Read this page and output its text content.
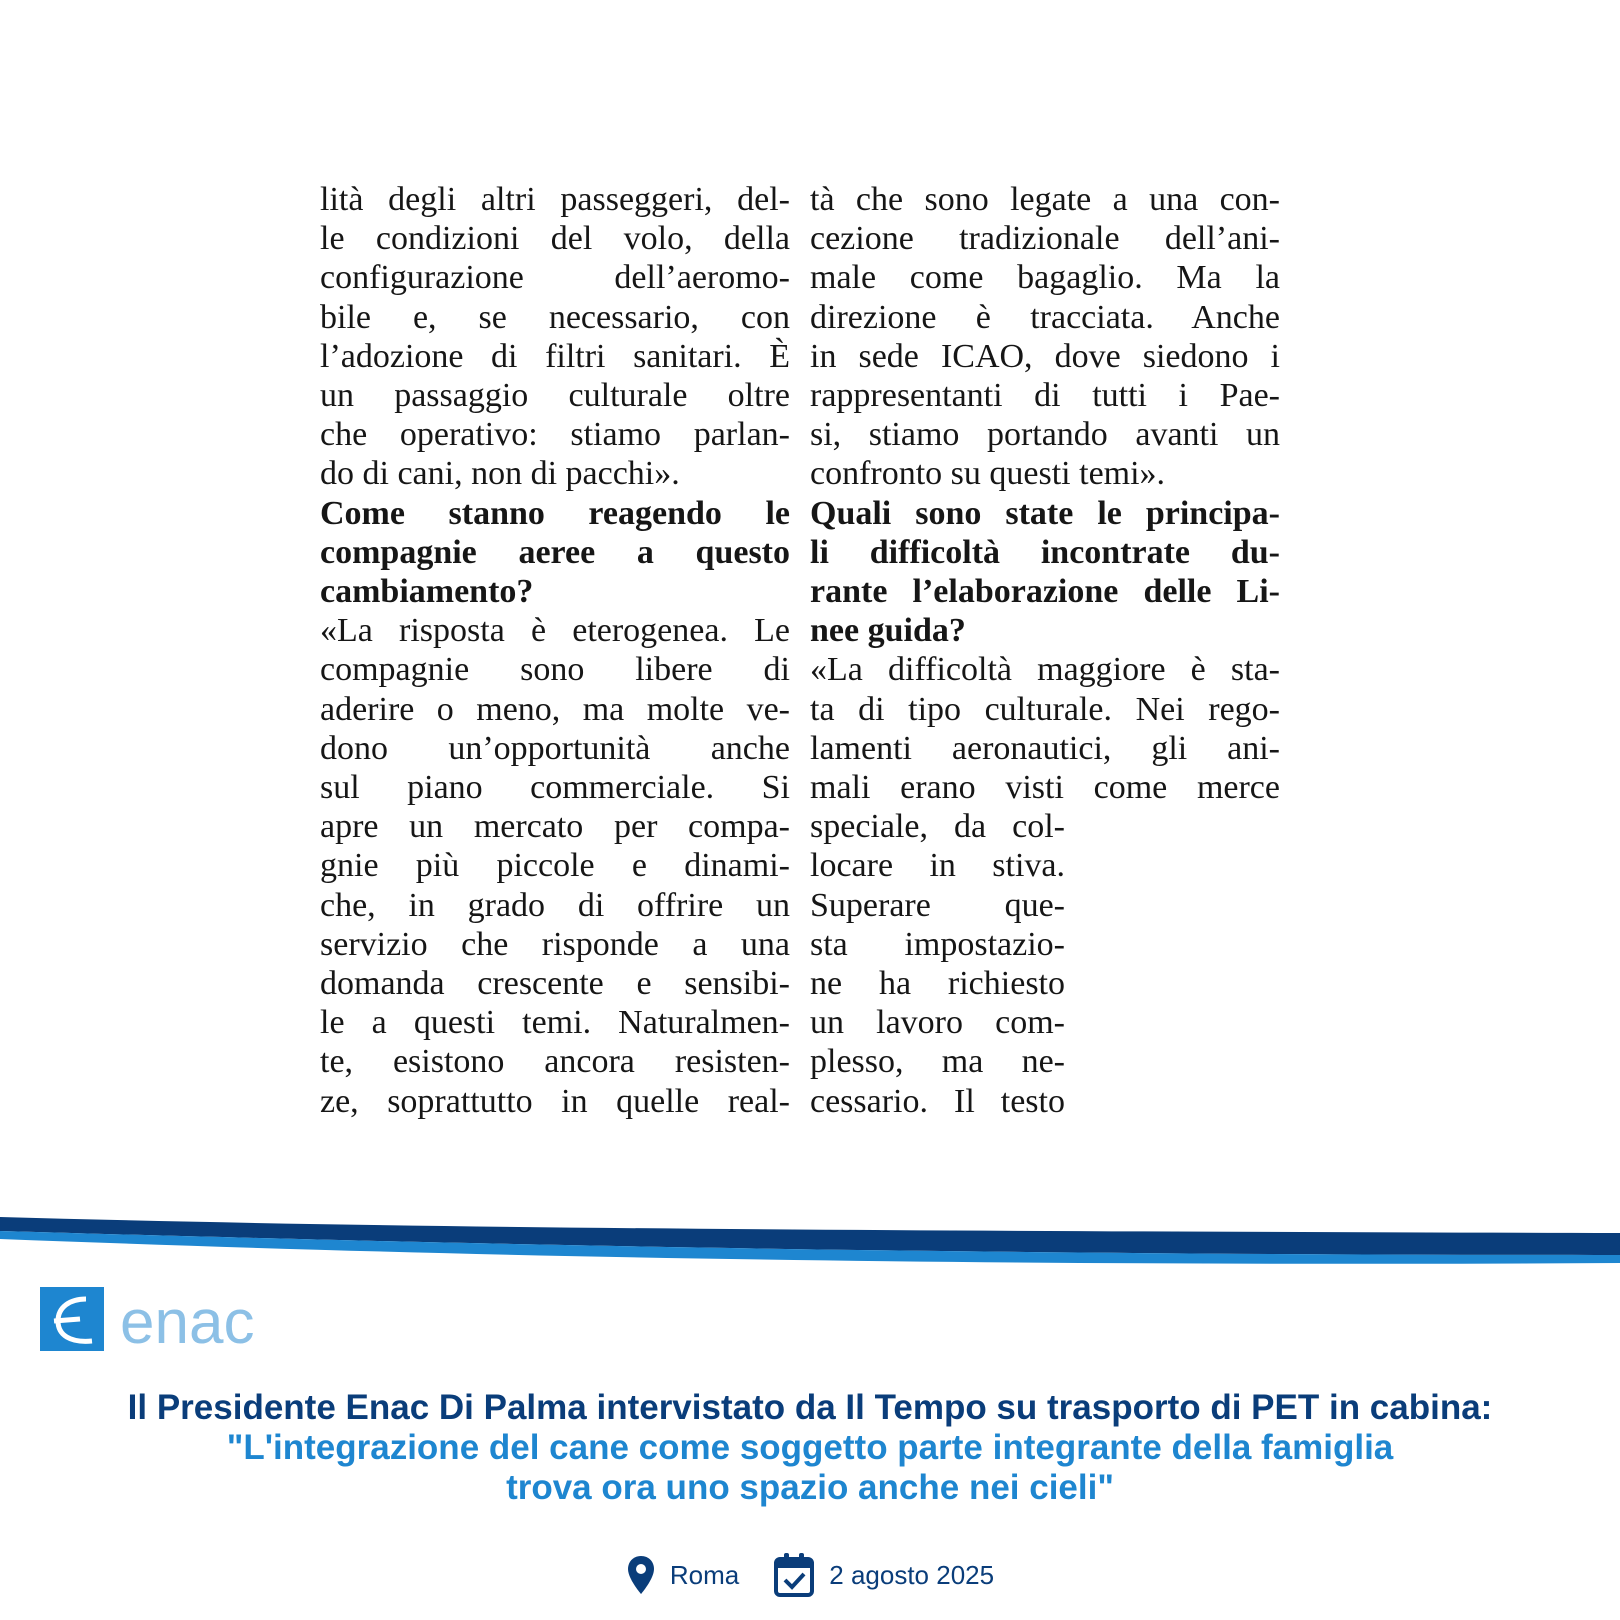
lità degli altri passeggeri, del-
le condizioni del volo, della
configurazione dell’aeromo-
bile e, se necessario, con
l’adozione di filtri sanitari. È
un passaggio culturale oltre
che operativo: stiamo parlan-
do di cani, non di pacchi».
Come stanno reagendo le
compagnie aeree a questo
cambiamento?
«La risposta è eterogenea. Le
compagnie sono libere di
aderire o meno, ma molte ve-
dono un’opportunità anche
sul piano commerciale. Si
apre un mercato per compa-
gnie più piccole e dinami-
che, in grado di offrire un
servizio che risponde a una
domanda crescente e sensibi-
le a questi temi. Naturalmen-
te, esistono ancora resisten-
ze, soprattutto in quelle real-
tà che sono legate a una con-
cezione tradizionale dell’ani-
male come bagaglio. Ma la
direzione è tracciata. Anche
in sede ICAO, dove siedono i
rappresentanti di tutti i Pae-
si, stiamo portando avanti un
confronto su questi temi».
Quali sono state le principa-
li difficoltà incontrate du-
rante l’elaborazione delle Li-
nee guida?
«La difficoltà maggiore è sta-
ta di tipo culturale. Nei rego-
lamenti aeronautici, gli ani-
mali erano visti come merce
speciale, da col-
locare in stiva.
Superare que-
sta impostazio-
ne ha richiesto
un lavoro com-
plesso, ma ne-
cessario. Il testo
enac
Il Presidente Enac Di Palma intervistato da Il Tempo su trasporto di PET in cabina:
"L'integrazione del cane come soggetto parte integrante della famiglia
trova ora uno spazio anche nei cieli"
Roma	2 agosto 2025
